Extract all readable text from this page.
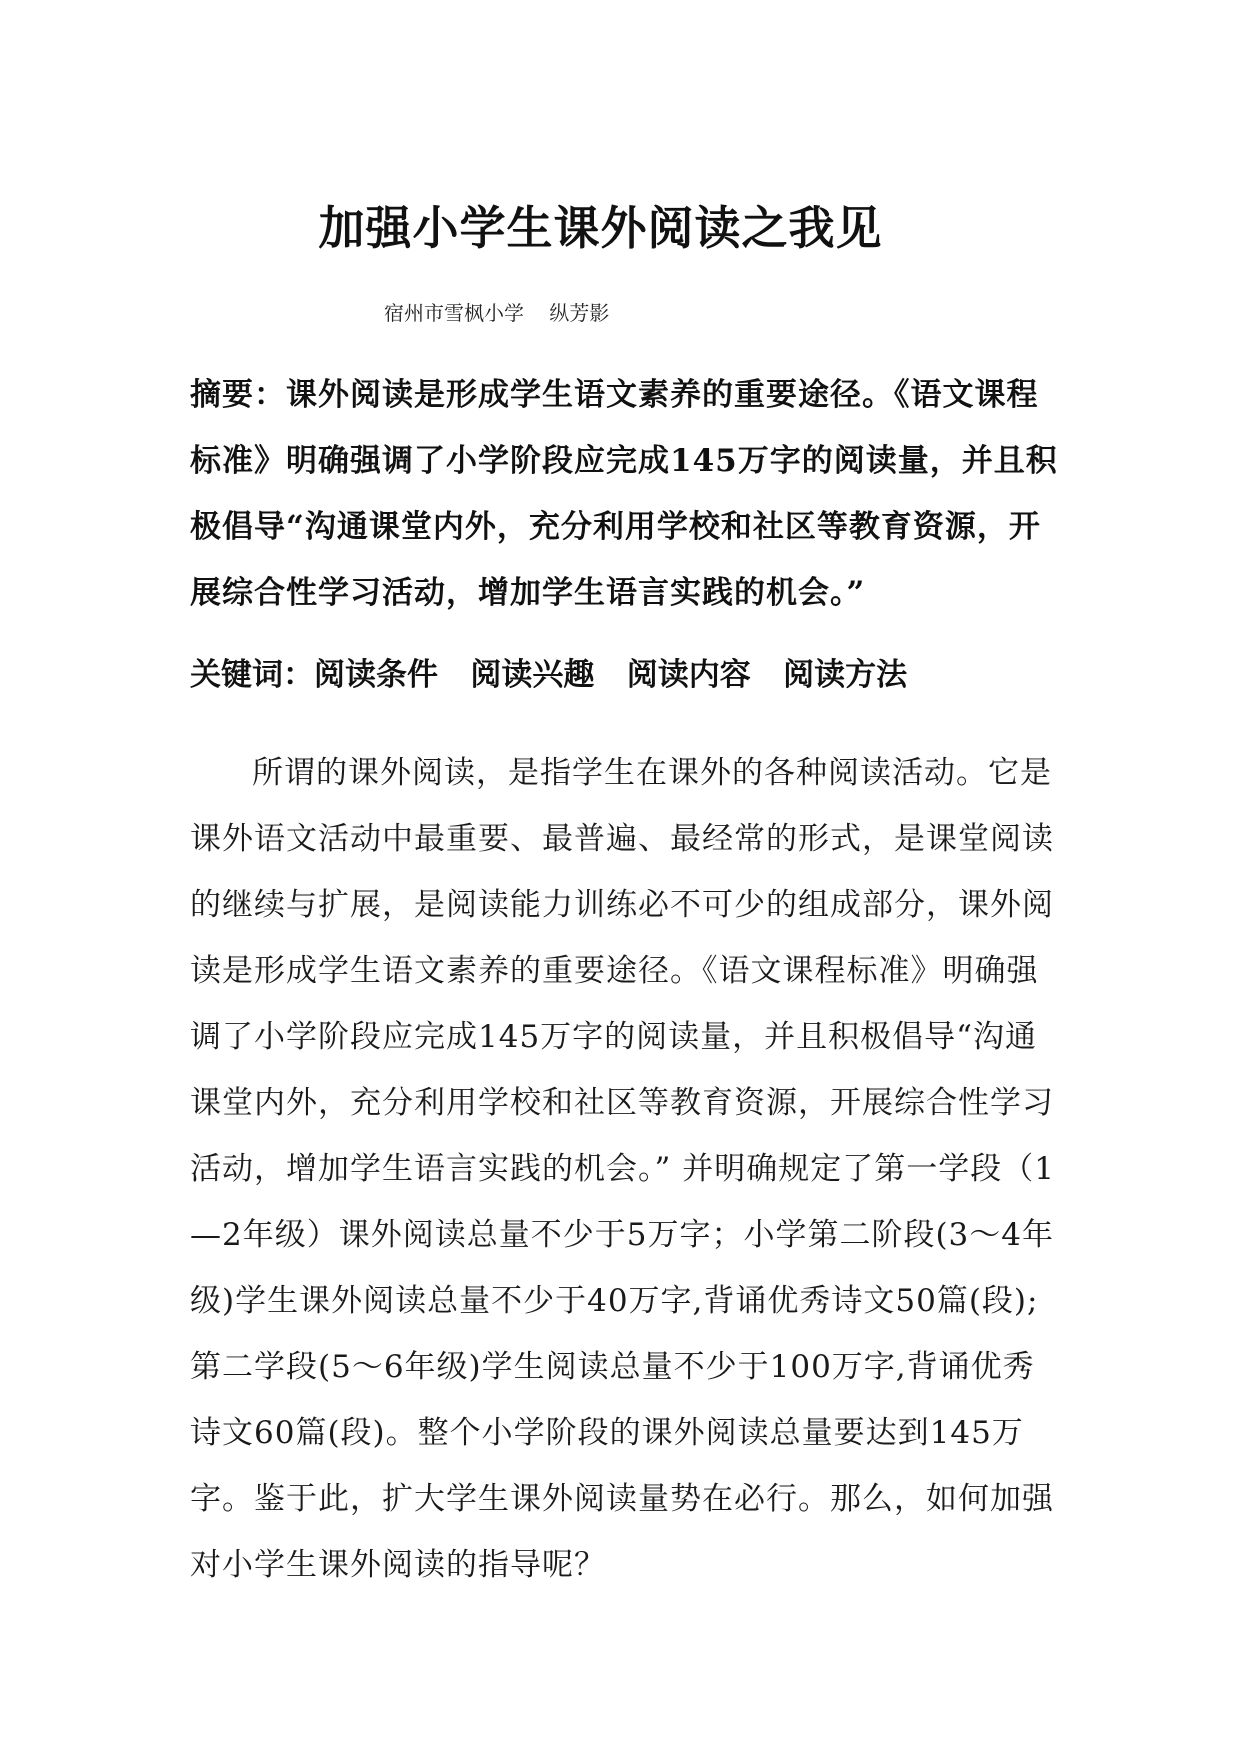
加强小学生课外阅读之我见
宿州市雪枫小学    纵芳影
摘要：课外阅读是形成学生语文素养的重要途径。《语文课程标准》明确强调了小学阶段应完成145万字的阅读量，并且积极倡导“沟通课堂内外，充分利用学校和社区等教育资源，开展综合性学习活动，增加学生语言实践的机会。”
关键词：阅读条件 阅读兴趣 阅读内容 阅读方法
所谓的课外阅读，是指学生在课外的各种阅读活动。它是课外语文活动中最重要、最普遍、最经常的形式，是课堂阅读的继续与扩展，是阅读能力训练必不可少的组成部分，课外阅读是形成学生语文素养的重要途径。《语文课程标准》明确强调了小学阶段应完成145万字的阅读量，并且积极倡导“沟通课堂内外，充分利用学校和社区等教育资源，开展综合性学习活动，增加学生语言实践的机会。” 并明确规定了第一学段（1—2年级）课外阅读总量不少于5万字；小学第二阶段(3～4年级)学生课外阅读总量不少于40万字,背诵优秀诗文50篇(段);第二学段(5～6年级)学生阅读总量不少于100万字,背诵优秀诗文60篇(段)。整个小学阶段的课外阅读总量要达到145万字。鉴于此，扩大学生课外阅读量势在必行。那么，如何加强对小学生课外阅读的指导呢？
